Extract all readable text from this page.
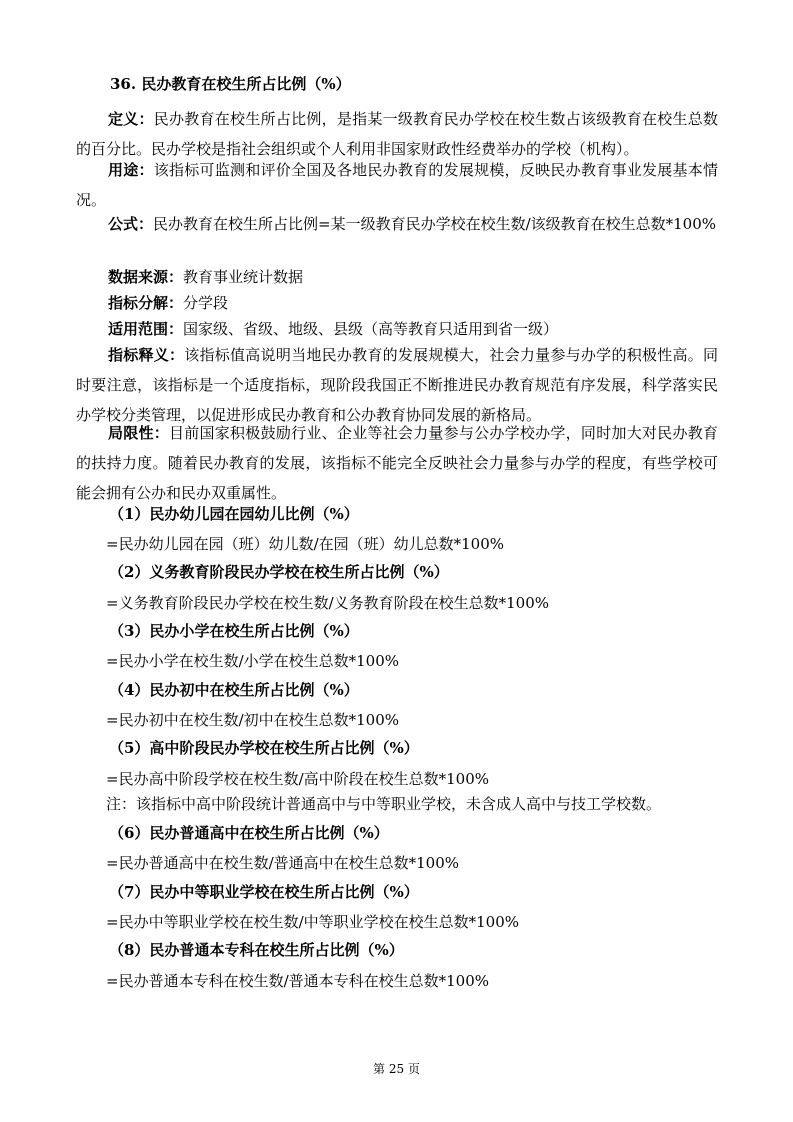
36. 民办教育在校生所占比例（%）
定义：民办教育在校生所占比例，是指某一级教育民办学校在校生数占该级教育在校生总数的百分比。民办学校是指社会组织或个人利用非国家财政性经费举办的学校（机构）。
用途：该指标可监测和评价全国及各地民办教育的发展规模，反映民办教育事业发展基本情况。
公式：民办教育在校生所占比例=某一级教育民办学校在校生数/该级教育在校生总数*100%
数据来源：教育事业统计数据
指标分解：分学段
适用范围：国家级、省级、地级、县级（高等教育只适用到省一级）
指标释义：该指标值高说明当地民办教育的发展规模大，社会力量参与办学的积极性高。同时要注意，该指标是一个适度指标，现阶段我国正不断推进民办教育规范有序发展，科学落实民办学校分类管理，以促进形成民办教育和公办教育协同发展的新格局。
局限性：目前国家积极鼓励行业、企业等社会力量参与公办学校办学，同时加大对民办教育的扶持力度。随着民办教育的发展，该指标不能完全反映社会力量参与办学的程度，有些学校可能会拥有公办和民办双重属性。
（1）民办幼儿园在园幼儿比例（%）
=民办幼儿园在园（班）幼儿数/在园（班）幼儿总数*100%
（2）义务教育阶段民办学校在校生所占比例（%）
=义务教育阶段民办学校在校生数/义务教育阶段在校生总数*100%
（3）民办小学在校生所占比例（%）
=民办小学在校生数/小学在校生总数*100%
（4）民办初中在校生所占比例（%）
=民办初中在校生数/初中在校生总数*100%
（5）高中阶段民办学校在校生所占比例（%）
=民办高中阶段学校在校生数/高中阶段在校生总数*100%
注：该指标中高中阶段统计普通高中与中等职业学校，未含成人高中与技工学校数。
（6）民办普通高中在校生所占比例（%）
=民办普通高中在校生数/普通高中在校生总数*100%
（7）民办中等职业学校在校生所占比例（%）
=民办中等职业学校在校生数/中等职业学校在校生总数*100%
（8）民办普通本专科在校生所占比例（%）
=民办普通本专科在校生数/普通本专科在校生总数*100%
第 25 页
